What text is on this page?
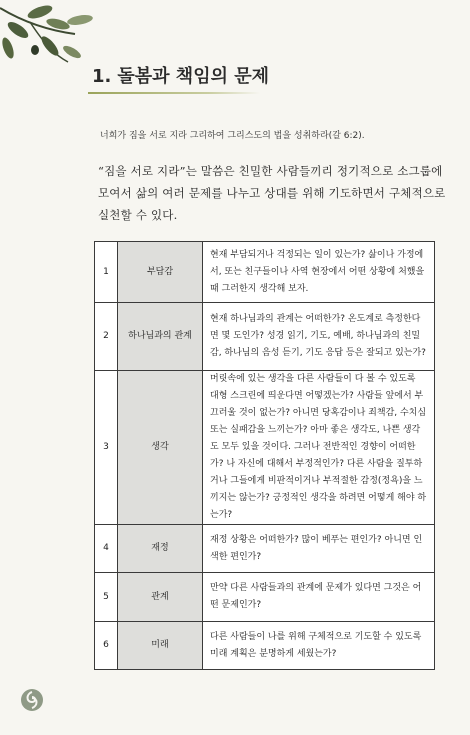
1. 돌봄과 책임의 문제
너희가 짐을 서로 지라 그리하여 그리스도의 법을 성취하라(갈 6:2).

“짐을 서로 지라”는 말씀은 친밀한 사람들끼리 정기적으로 소그룹에 모여서 삶의 여러 문제를 나누고 상대를 위해 기도하면서 구체적으로 실천할 수 있다.

1	부담감	현재 부담되거나 걱정되는 일이 있는가? 삶이나 가정에서, 또는 친구들이나 사역 현장에서 어떤 상황에 처했을 때 그러한지 생각해 보자.
2	하나님과의 관계	현재 하나님과의 관계는 어떠한가? 온도계로 측정한다면 몇 도인가? 성경 읽기, 기도, 예배, 하나님과의 친밀감, 하나님의 음성 듣기, 기도 응답 등은 잘되고 있는가?
3	생각	머릿속에 있는 생각을 다른 사람들이 다 볼 수 있도록 대형 스크린에 띄운다면 어떻겠는가? 사람들 앞에서 부끄러울 것이 없는가? 아니면 당혹감이나 죄책감, 수치심 또는 실패감을 느끼는가? 아마 좋은 생각도, 나쁜 생각도 모두 있을 것이다. 그러나 전반적인 경향이 어떠한가? 나 자신에 대해서 부정적인가? 다른 사람을 질투하거나 그들에게 비판적이거나 부적절한 감정(정욕)을 느끼지는 않는가? 긍정적인 생각을 하려면 어떻게 해야 하는가?
4	재정	재정 상황은 어떠한가? 많이 베푸는 편인가? 아니면 인색한 편인가?
5	관계	만약 다른 사람들과의 관계에 문제가 있다면 그것은 어떤 문제인가?
6	미래	다른 사람들이 나를 위해 구체적으로 기도할 수 있도록 미래 계획은 분명하게 세웠는가?
